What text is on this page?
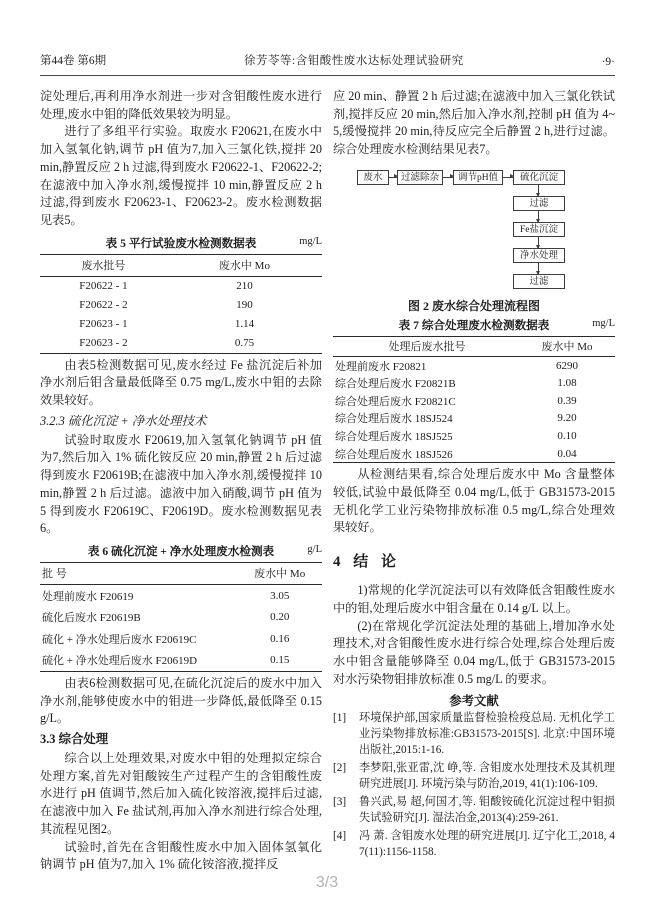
第44卷 第6期	徐芳苓等:含钼酸性废水达标处理试验研究	·9·

淀处理后,再利用净水剂进一步对含钼酸性废水进行处理,废水中钼的降低效果较为明显。

进行了多组平行实验。取废水 F20621,在废水中加入氢氧化钠,调节 pH 值为7,加入三氯化铁,搅拌 20 min,静置反应 2 h 过滤,得到废水 F20622-1、F20622-2;在滤液中加入净水剂,缓慢搅拌 10 min,静置反应 2 h 过滤,得到废水 F20623-1、F20623-2。废水检测数据见表5。

表 5 平行试验废水检测数据表	mg/L
废水批号	废水中 Mo
F20622 - 1	210
F20622 - 2	190
F20623 - 1	1.14
F20623 - 2	0.75

由表5检测数据可见,废水经过 Fe 盐沉淀后补加净水剂后钼含量最低降至 0.75 mg/L,废水中钼的去除效果较好。

3.2.3 硫化沉淀 + 净水处理技术

试验时取废水 F20619,加入氢氧化钠调节 pH 值为7,然后加入 1% 硫化铵反应 20 min,静置 2 h 后过滤得到废水 F20619B;在滤液中加入净水剂,缓慢搅拌 10 min,静置 2 h 后过滤。滤液中加入硝酸,调节 pH 值为 5 得到废水 F20619C、F20619D。废水检测数据见表6。

表 6 硫化沉淀 + 净水处理废水检测表	g/L
批 号	废水中 Mo
处理前废水 F20619	3.05
硫化后废水 F20619B	0.20
硫化 + 净水处理后废水 F20619C	0.16
硫化 + 净水处理后废水 F20619D	0.15

由表6检测数据可见,在硫化沉淀后的废水中加入净水剂,能够使废水中的钼进一步降低,最低降至 0.15 g/L。

3.3 综合处理

综合以上处理效果,对废水中钼的处理拟定综合处理方案,首先对钼酸铵生产过程产生的含钼酸性废水进行 pH 值调节,然后加入硫化铵溶液,搅拌后过滤,在滤液中加入 Fe 盐试剂,再加入净水剂进行综合处理,其流程见图2。

试验时,首先在含钼酸性废水中加入固体氢氧化钠调节 pH 值为7,加入 1% 硫化铵溶液,搅拌反

应 20 min、静置 2 h 后过滤;在滤液中加入三氯化铁试剂,搅拌反应 20 min,然后加入净水剂,控制 pH 值为 4~5,缓慢搅拌 20 min,待反应完全后静置 2 h,进行过滤。综合处理废水检测结果见表7。

废水	过滤除杂	调节pH值	硫化沉淀
过滤
Fe盐沉淀
净水处理
过滤
图 2 废水综合处理流程图
表 7 综合处理废水检测数据表	mg/L
处理后废水批号	废水中 Mo
处理前废水 F20821	6290
综合处理后废水 F20821B	1.08
综合处理后废水 F20821C	0.39
综合处理后废水 18SJ524	9.20
综合处理后废水 18SJ525	0.10
综合处理后废水 18SJ526	0.04

从检测结果看,综合处理后废水中 Mo 含量整体较低,试验中最低降至 0.04 mg/L,低于 GB31573-2015 无机化学工业污染物排放标准 0.5 mg/L,综合处理效果较好。

4 结 论

1)常规的化学沉淀法可以有效降低含钼酸性废水中的钼,处理后废水中钼含量在 0.14 g/L 以上。

(2)在常规化学沉淀法处理的基础上,增加净水处理技术,对含钼酸性废水进行综合处理,综合处理后废水中钼含量能够降至 0.04 mg/L,低于 GB31573-2015 对水污染物钼排放标准 0.5 mg/L 的要求。

参考文献
[1]	环境保护部,国家质量监督检验检疫总局. 无机化学工业污染物排放标准:GB31573-2015[S]. 北京:中国环境出版社,2015:1-16.
[2]	李梦阳,张亚雷,沈 峥,等. 含钼废水处理技术及其机理研究进展[J]. 环境污染与防治,2019, 41(1):106-109.
[3]	鲁兴武,易 超,何国才,等. 钼酸铵硫化沉淀过程中钼损失试验研究[J]. 湿法冶金,2013(4):259-261.
[4]	冯 萧. 含钼废水处理的研究进展[J]. 辽宁化工,2018, 47(11):1156-1158.
3/3
